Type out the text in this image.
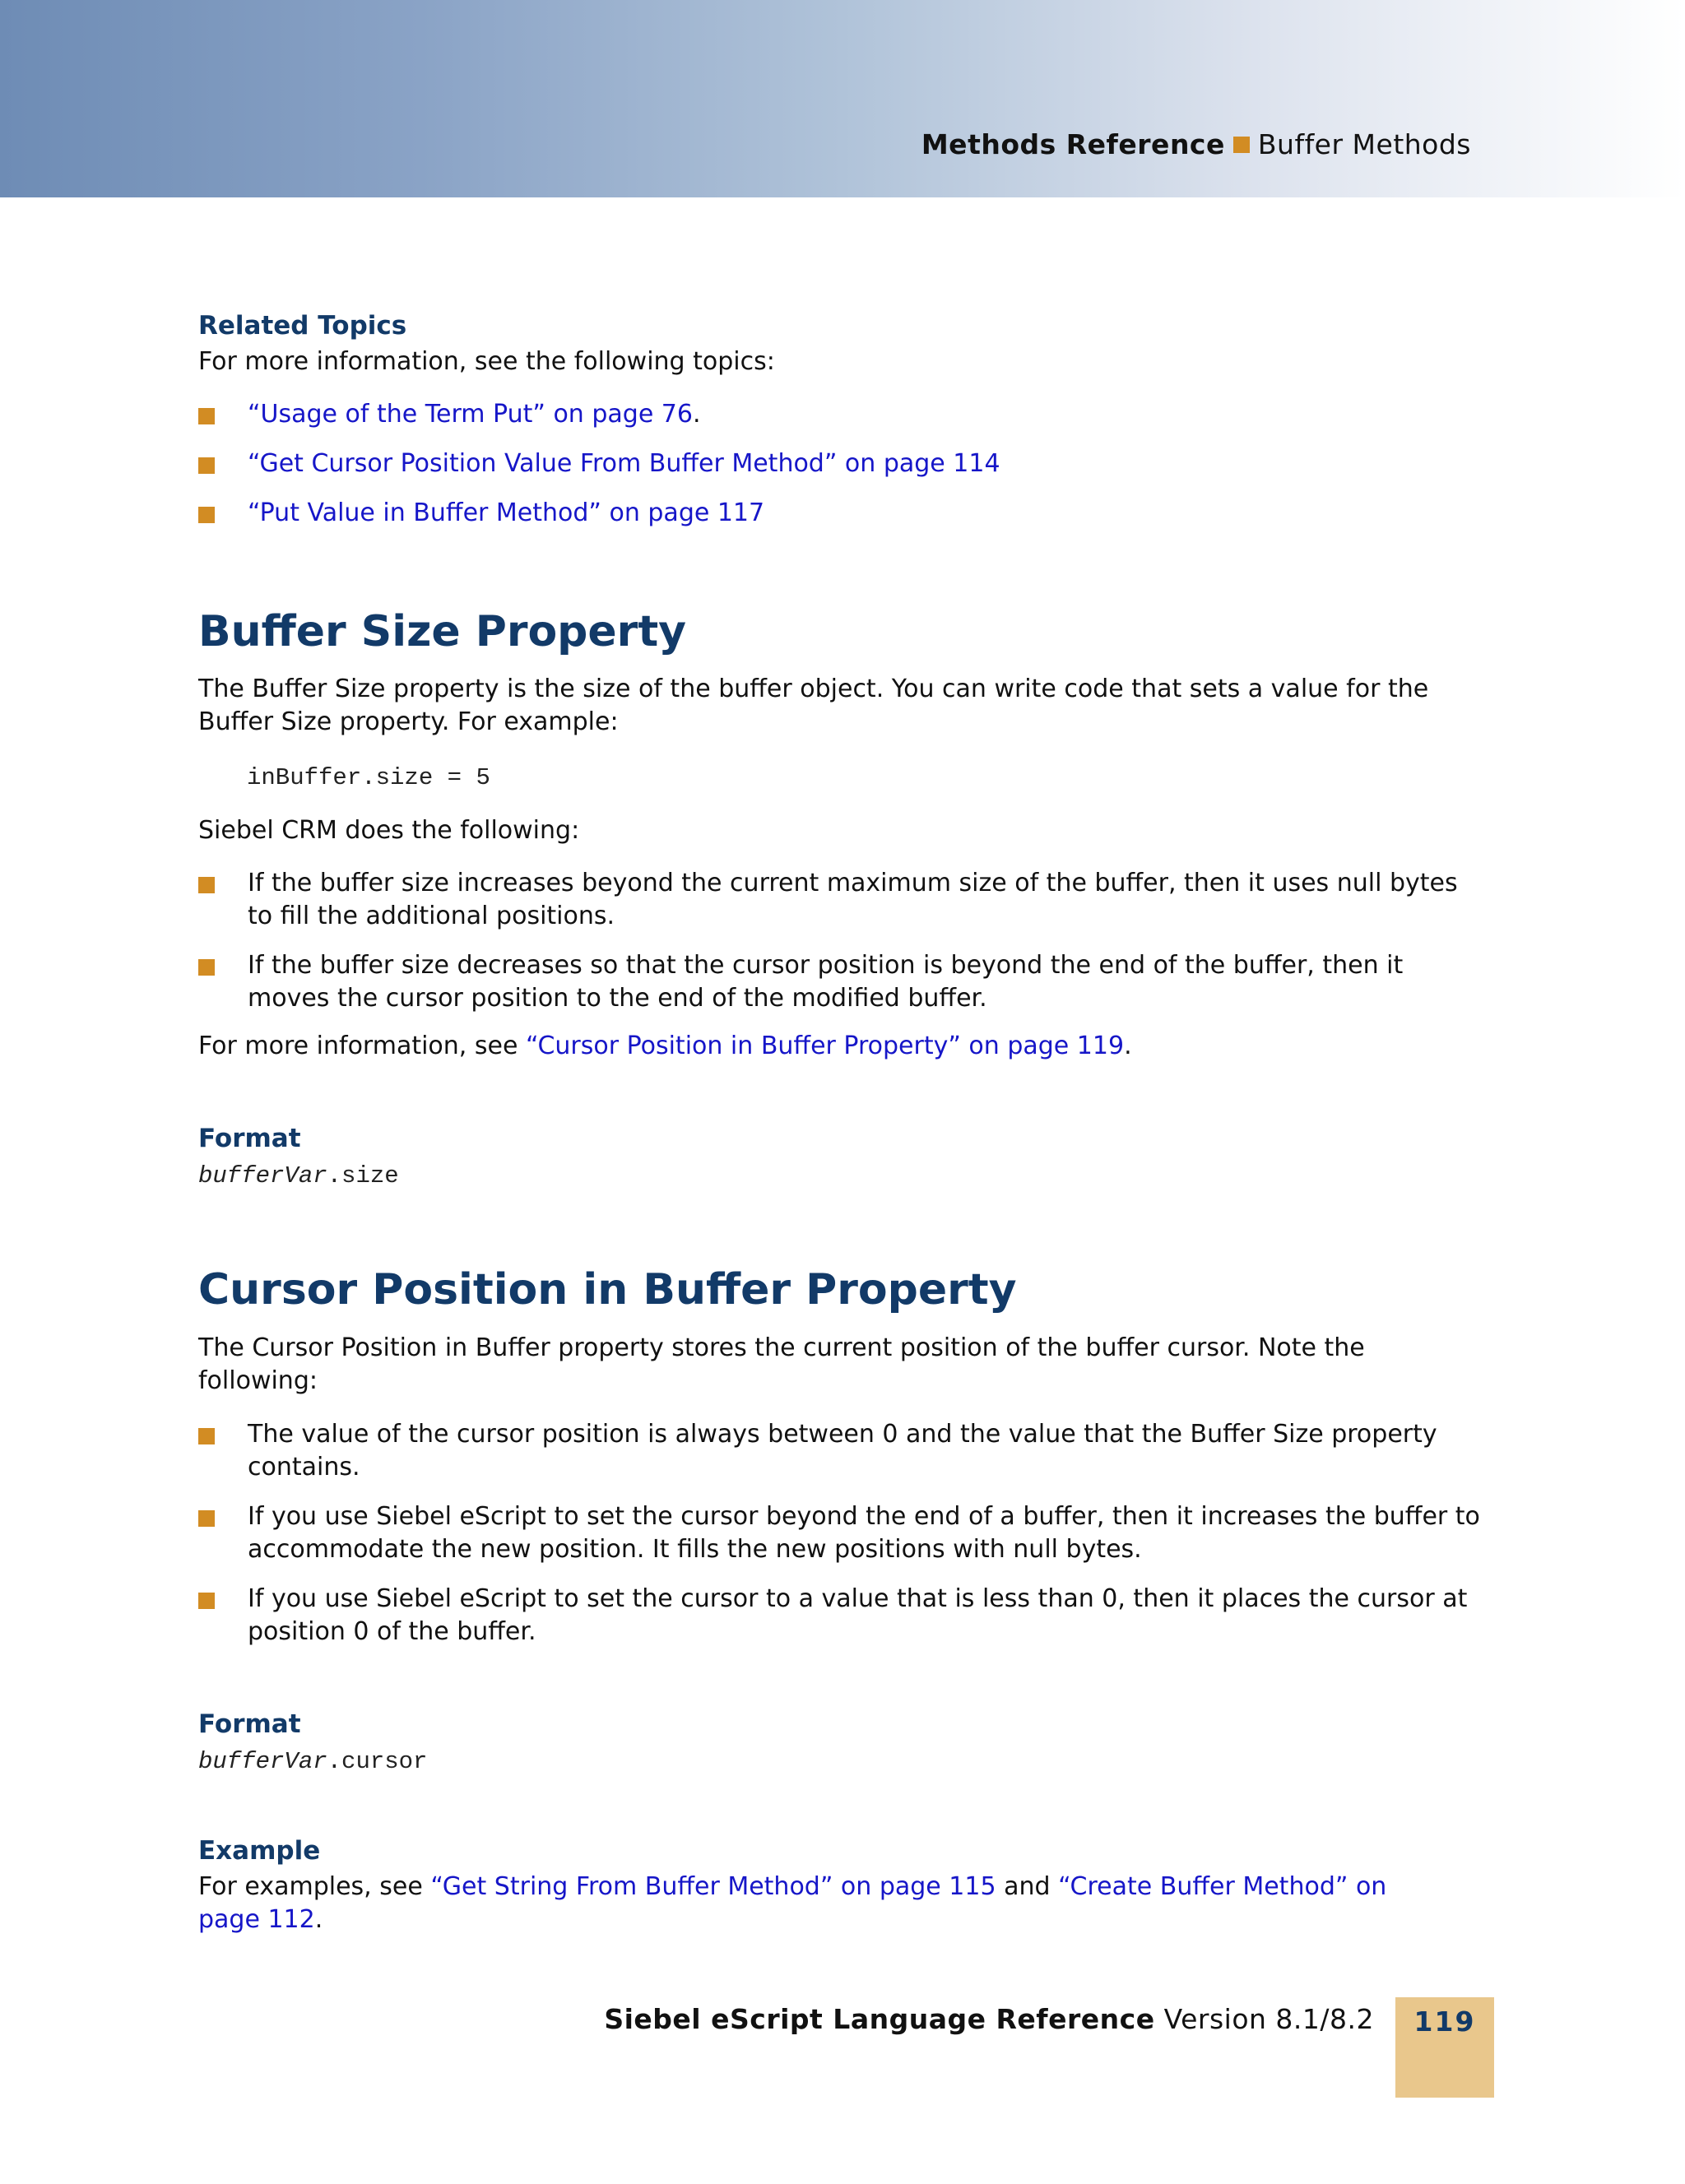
Methods Reference Buffer Methods
Related Topics

For more information, see the following topics:

“Usage of the Term Put” on page 76.
“Get Cursor Position Value From Buffer Method” on page 114
“Put Value in Buffer Method” on page 117
Buffer Size Property

The Buffer Size property is the size of the buffer object. You can write code that sets a value for the Buffer Size property. For example:

inBuffer.size = 5

Siebel CRM does the following:

If the buffer size increases beyond the current maximum size of the buffer, then it uses null bytes to fill the additional positions.
If the buffer size decreases so that the cursor position is beyond the end of the buffer, then it moves the cursor position to the end of the modified buffer.

For more information, see “Cursor Position in Buffer Property” on page 119.

Format

bufferVar.size

Cursor Position in Buffer Property

The Cursor Position in Buffer property stores the current position of the buffer cursor. Note the following:

The value of the cursor position is always between 0 and the value that the Buffer Size property contains.
If you use Siebel eScript to set the cursor beyond the end of a buffer, then it increases the buffer to accommodate the new position. It fills the new positions with null bytes.
If you use Siebel eScript to set the cursor to a value that is less than 0, then it places the cursor at position 0 of the buffer.
Format

bufferVar.cursor

Example

For examples, see “Get String From Buffer Method” on page 115 and “Create Buffer Method” on page 112.

Siebel eScript Language Reference Version 8.1/8.2	119
